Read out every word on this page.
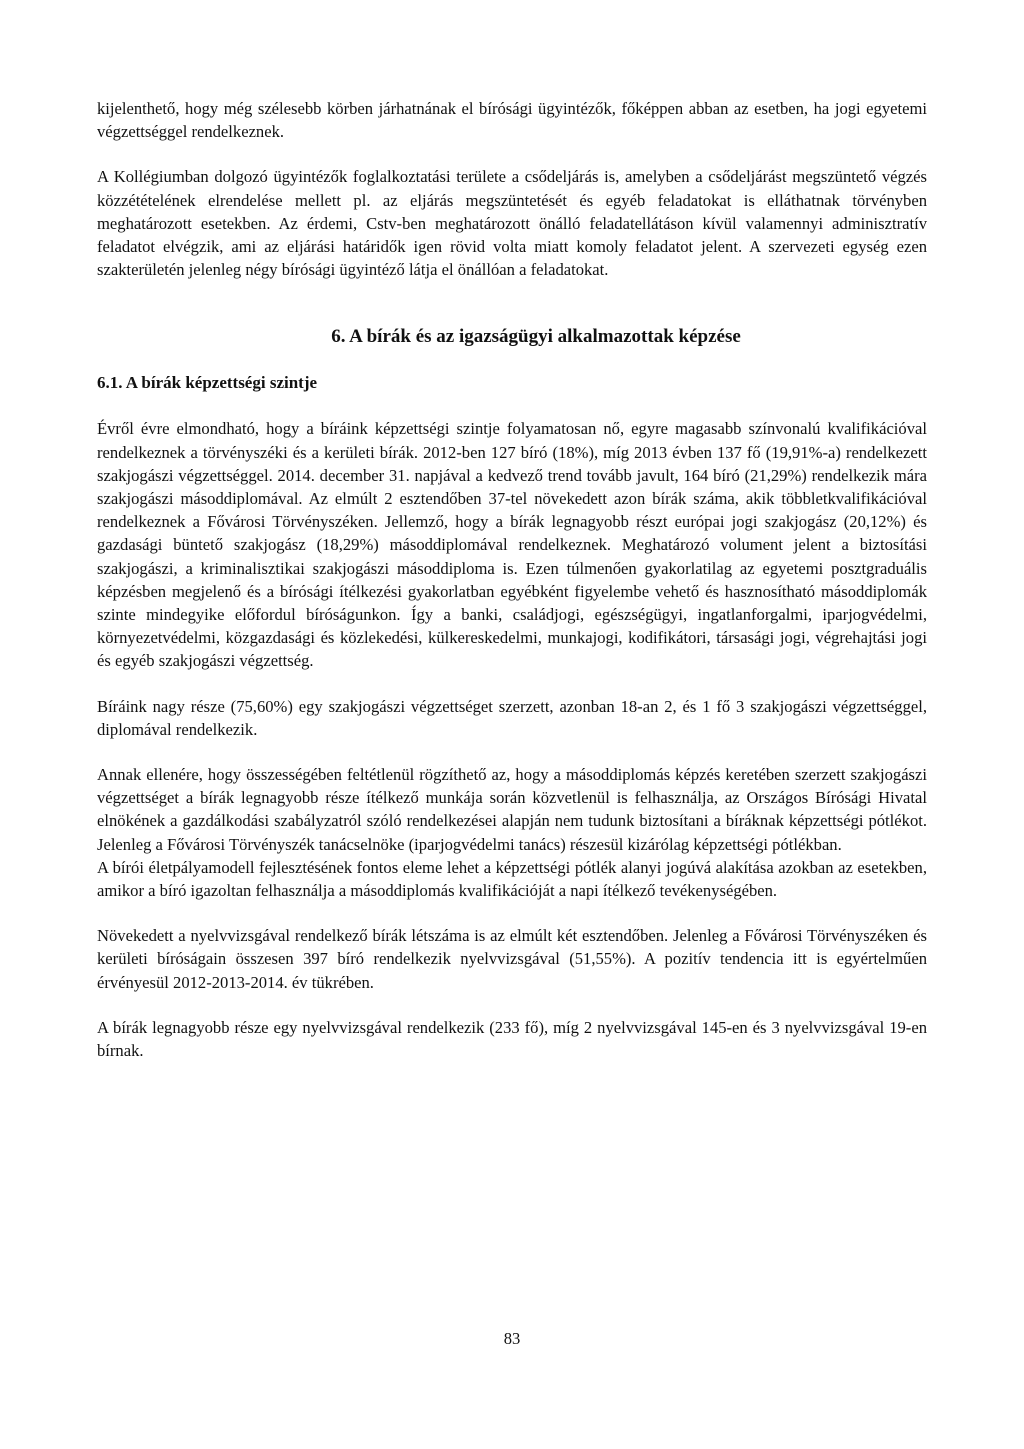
kijelenthető, hogy még szélesebb körben járhatnának el bírósági ügyintézők, főképpen abban az esetben, ha jogi egyetemi végzettséggel rendelkeznek.

A Kollégiumban dolgozó ügyintézők foglalkoztatási területe a csődeljárás is, amelyben a csődeljárást megszüntető végzés közzétételének elrendelése mellett pl. az eljárás megszüntetését és egyéb feladatokat is elláthatnak törvényben meghatározott esetekben. Az érdemi, Cstv-ben meghatározott önálló feladatellátáson kívül valamennyi adminisztratív feladatot elvégzik, ami az eljárási határidők igen rövid volta miatt komoly feladatot jelent. A szervezeti egység ezen szakterületén jelenleg négy bírósági ügyintéző látja el önállóan a feladatokat.

6. A bírák és az igazságügyi alkalmazottak képzése
6.1. A bírák képzettségi szintje

Évről évre elmondható, hogy a bíráink képzettségi szintje folyamatosan nő, egyre magasabb színvonalú kvalifikációval rendelkeznek a törvényszéki és a kerületi bírák. 2012-ben 127 bíró (18%), míg 2013 évben 137 fő (19,91%-a) rendelkezett szakjogászi végzettséggel. 2014. december 31. napjával a kedvező trend tovább javult, 164 bíró (21,29%) rendelkezik mára szakjogászi másoddiplomával. Az elmúlt 2 esztendőben 37-tel növekedett azon bírák száma, akik többletkvalifikációval rendelkeznek a Fővárosi Törvényszéken. Jellemző, hogy a bírák legnagyobb részt európai jogi szakjogász (20,12%) és gazdasági büntető szakjogász (18,29%) másoddiplomával rendelkeznek. Meghatározó volument jelent a biztosítási szakjogászi, a kriminalisztikai szakjogászi másoddiploma is. Ezen túlmenően gyakorlatilag az egyetemi posztgraduális képzésben megjelenő és a bírósági ítélkezési gyakorlatban egyébként figyelembe vehető és hasznosítható másoddiplomák szinte mindegyike előfordul bíróságunkon. Így a banki, családjogi, egészségügyi, ingatlanforgalmi, iparjogvédelmi, környezetvédelmi, közgazdasági és közlekedési, külkereskedelmi, munkajogi, kodifikátori, társasági jogi, végrehajtási jogi és egyéb szakjogászi végzettség.

Bíráink nagy része (75,60%) egy szakjogászi végzettséget szerzett, azonban 18-an 2, és 1 fő 3 szakjogászi végzettséggel, diplomával rendelkezik.

Annak ellenére, hogy összességében feltétlenül rögzíthető az, hogy a másoddiplomás képzés keretében szerzett szakjogászi végzettséget a bírák legnagyobb része ítélkező munkája során közvetlenül is felhasználja, az Országos Bírósági Hivatal elnökének a gazdálkodási szabályzatról szóló rendelkezései alapján nem tudunk biztosítani a bíráknak képzettségi pótlékot. Jelenleg a Fővárosi Törvényszék tanácselnöke (iparjogvédelmi tanács) részesül kizárólag képzettségi pótlékban.

A bírói életpályamodell fejlesztésének fontos eleme lehet a képzettségi pótlék alanyi jogúvá alakítása azokban az esetekben, amikor a bíró igazoltan felhasználja a másoddiplomás kvalifikációját a napi ítélkező tevékenységében.

Növekedett a nyelvvizsgával rendelkező bírák létszáma is az elmúlt két esztendőben. Jelenleg a Fővárosi Törvényszéken és kerületi bíróságain összesen 397 bíró rendelkezik nyelvvizsgával (51,55%). A pozitív tendencia itt is egyértelműen érvényesül 2012-2013-2014. év tükrében.

A bírák legnagyobb része egy nyelvvizsgával rendelkezik (233 fő), míg 2 nyelvvizsgával 145-en és 3 nyelvvizsgával 19-en bírnak.

83
